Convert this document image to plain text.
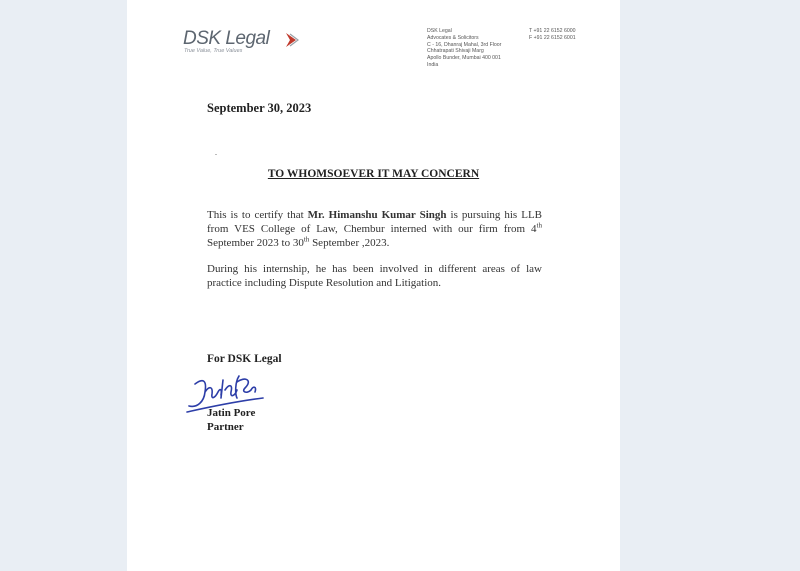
DSK Legal
True Value, True Values
DSK Legal
Advocates & Solicitors
C - 16, Dhanraj Mahal, 3rd Floor
Chhatrapati Shivaji Marg
Apollo Bunder, Mumbai 400 001
India
T +91 22 6152 6000
F +91 22 6152 6001
September 30, 2023
TO WHOMSOEVER IT MAY CONCERN

This is to certify that Mr. Himanshu Kumar Singh is pursuing his LLB from VES College of Law, Chembur interned with our firm from 4th September 2023 to 30th September ,2023.

During his internship, he has been involved in different areas of law practice including Dispute Resolution and Litigation.

For DSK Legal
Jatin Pore
Partner
